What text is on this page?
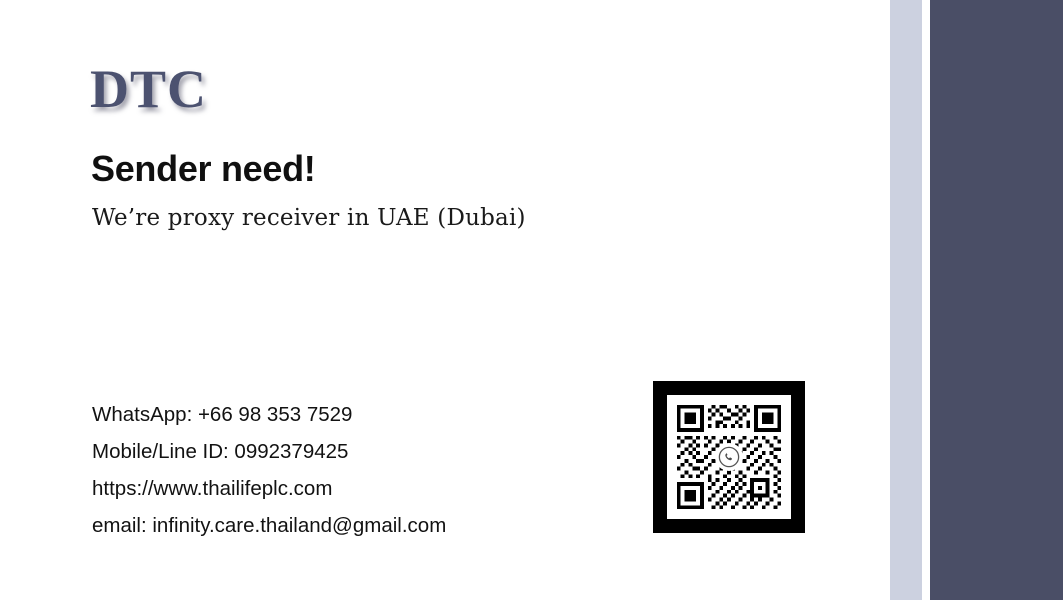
DTC
Sender need!
We’re proxy receiver in UAE (Dubai)
WhatsApp: +66 98 353 7529
Mobile/Line ID: 0992379425
https://www.thailifeplc.com
email: infinity.care.thailand@gmail.com
